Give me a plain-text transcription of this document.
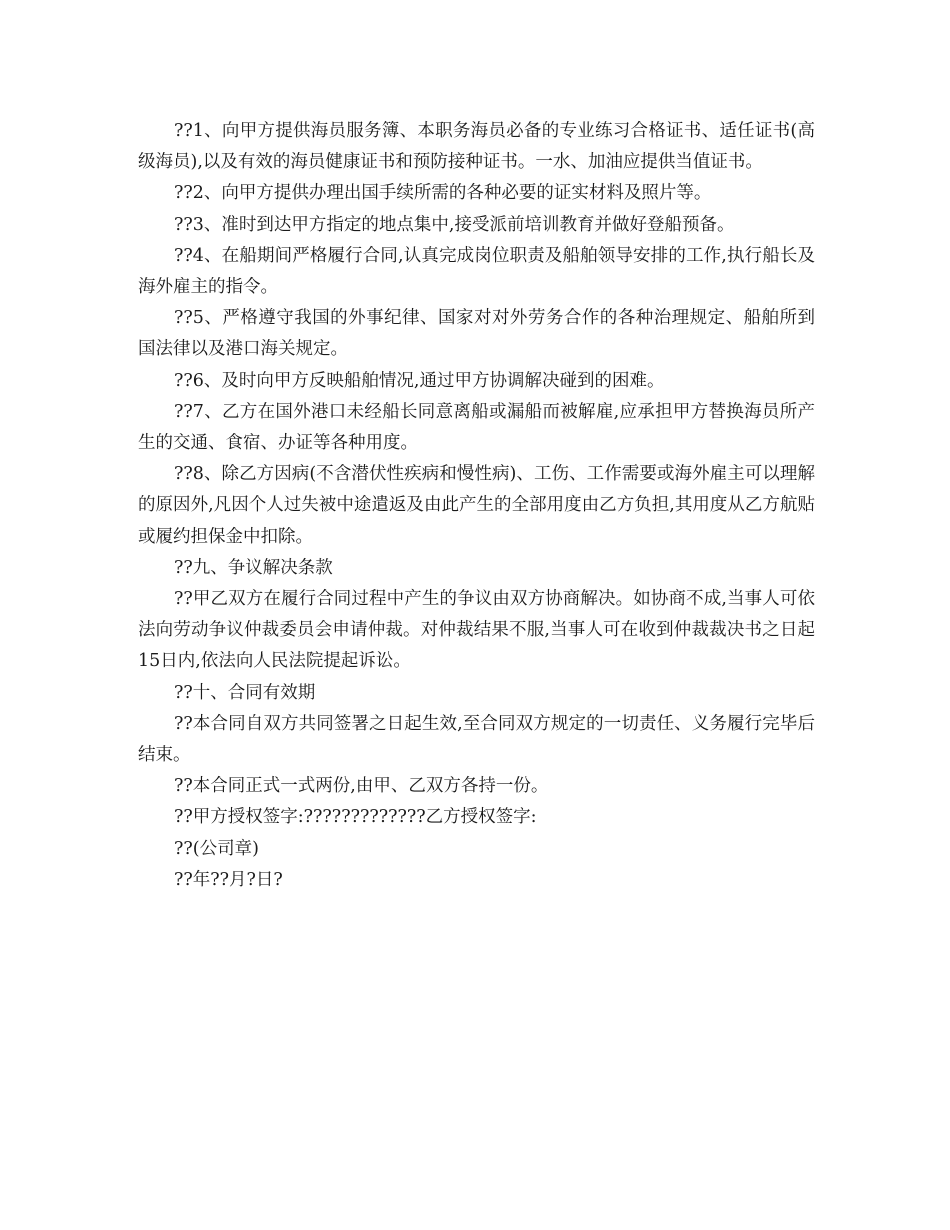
??1、向甲方提供海员服务簿、本职务海员必备的专业练习合格证书、适任证书(高级海员),以及有效的海员健康证书和预防接种证书。一水、加油应提供当值证书。

??2、向甲方提供办理出国手续所需的各种必要的证实材料及照片等。

??3、准时到达甲方指定的地点集中,接受派前培训教育并做好登船预备。

??4、在船期间严格履行合同,认真完成岗位职责及船舶领导安排的工作,执行船长及海外雇主的指令。

??5、严格遵守我国的外事纪律、国家对对外劳务合作的各种治理规定、船舶所到国法律以及港口海关规定。

??6、及时向甲方反映船舶情况,通过甲方协调解决碰到的困难。

??7、乙方在国外港口未经船长同意离船或漏船而被解雇,应承担甲方替换海员所产生的交通、食宿、办证等各种用度。

??8、除乙方因病(不含潜伏性疾病和慢性病)、工伤、工作需要或海外雇主可以理解的原因外,凡因个人过失被中途遣返及由此产生的全部用度由乙方负担,其用度从乙方航贴或履约担保金中扣除。

??九、争议解决条款

??甲乙双方在履行合同过程中产生的争议由双方协商解决。如协商不成,当事人可依法向劳动争议仲裁委员会申请仲裁。对仲裁结果不服,当事人可在收到仲裁裁决书之日起15日内,依法向人民法院提起诉讼。

??十、合同有效期

??本合同自双方共同签署之日起生效,至合同双方规定的一切责任、义务履行完毕后结束。

??本合同正式一式两份,由甲、乙双方各持一份。

??甲方授权签字:?????????????乙方授权签字:

??(公司章)

??年??月?日?
